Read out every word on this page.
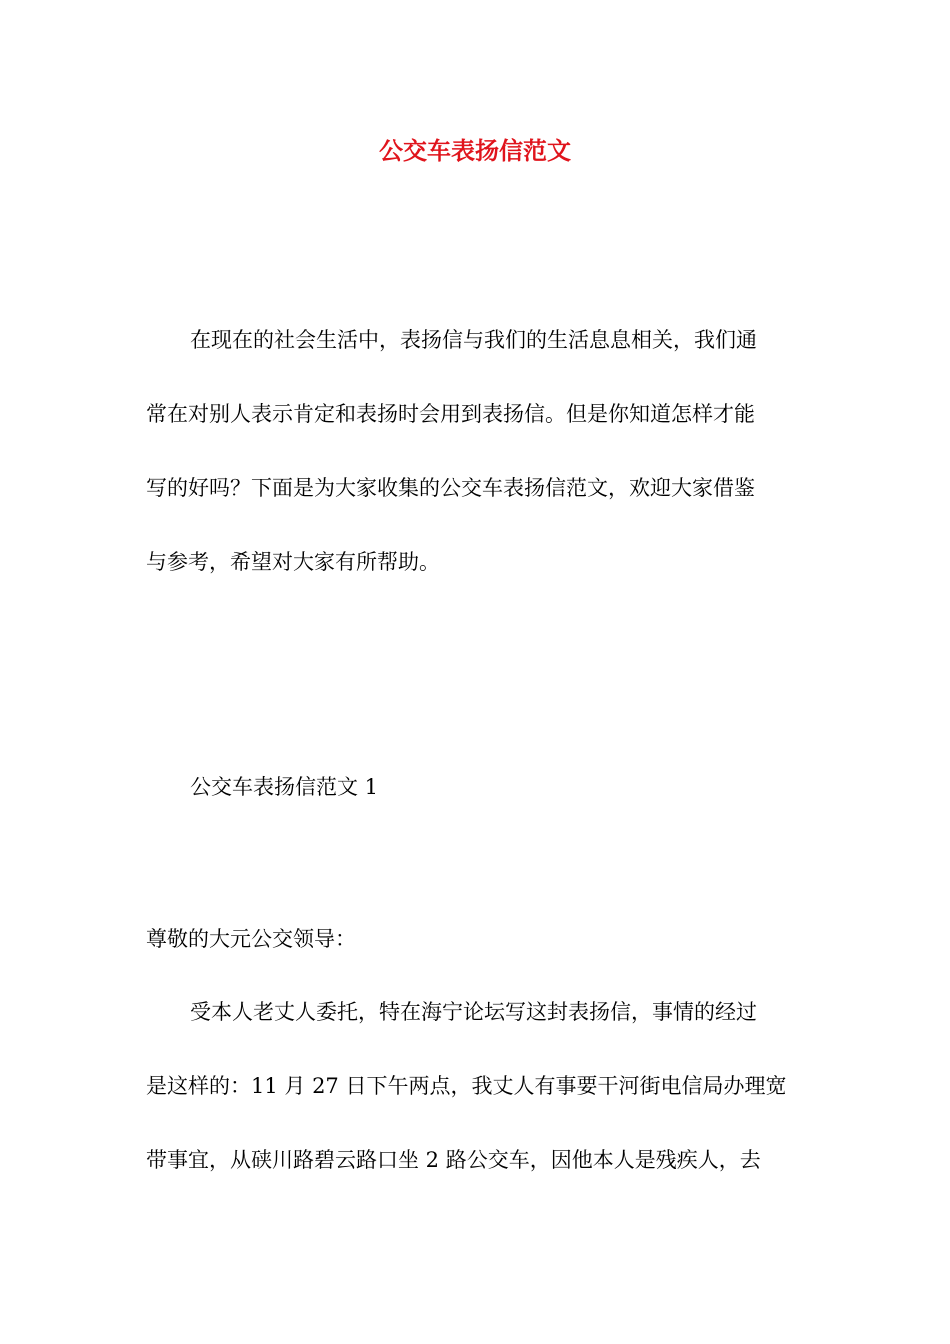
公交车表扬信范文
在现在的社会生活中，表扬信与我们的生活息息相关，我们通
常在对别人表示肯定和表扬时会用到表扬信。但是你知道怎样才能
写的好吗？下面是为大家收集的公交车表扬信范文，欢迎大家借鉴
与参考，希望对大家有所帮助。
公交车表扬信范文 1
尊敬的大元公交领导：
受本人老丈人委托，特在海宁论坛写这封表扬信，事情的经过
是这样的：11 月 27 日下午两点，我丈人有事要干河街电信局办理宽
带事宜，从硖川路碧云路口坐 2 路公交车，因他本人是残疾人，去
